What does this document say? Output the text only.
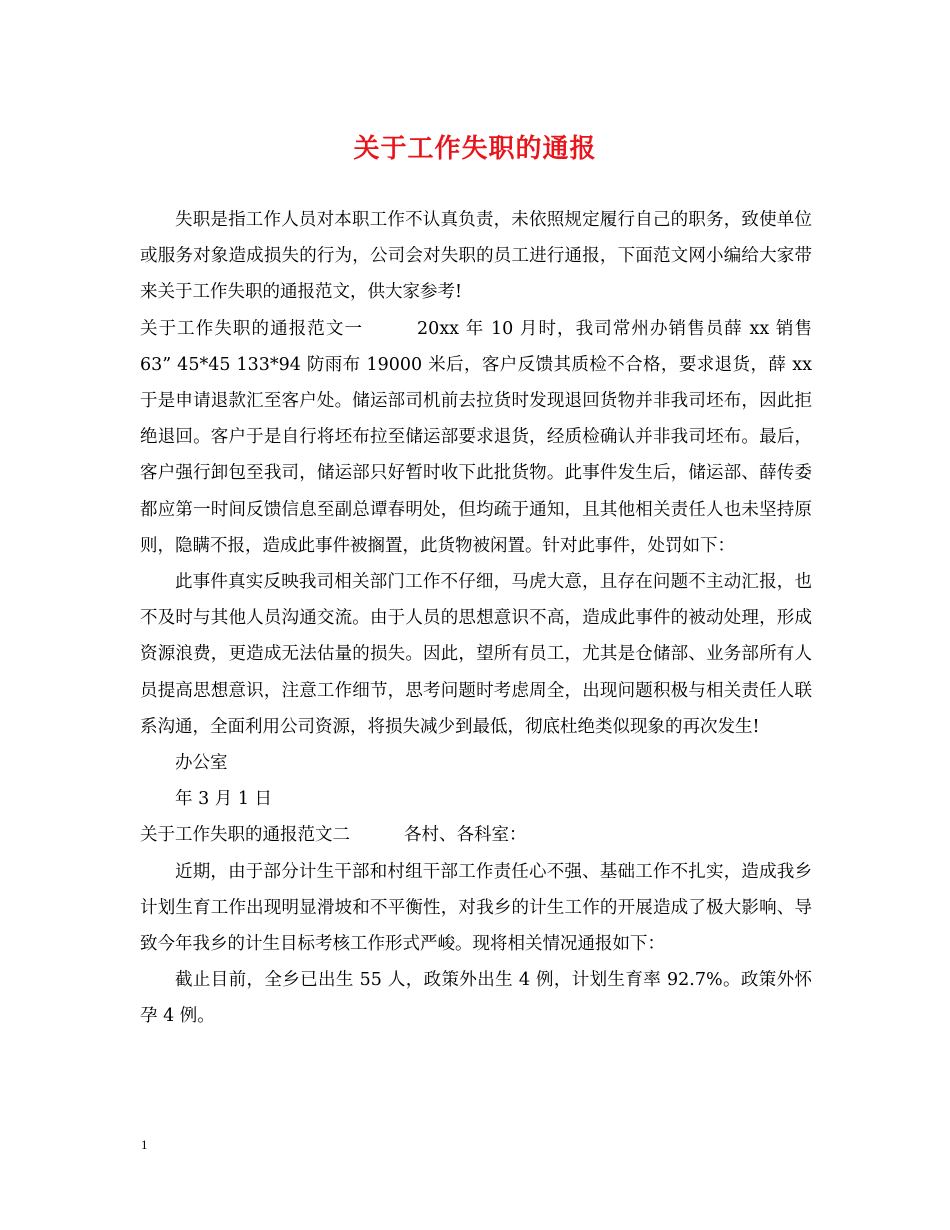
关于工作失职的通报

失职是指工作人员对本职工作不认真负责，未依照规定履行自己的职务，致使单位或服务对象造成损失的行为，公司会对失职的员工进行通报，下面范文网小编给大家带来关于工作失职的通报范文，供大家参考!

关于工作失职的通报范文一	20xx 年 10 月时，我司常州办销售员薛 xx 销售 63” 45*45 133*94 防雨布 19000 米后，客户反馈其质检不合格，要求退货，薛 xx 于是申请退款汇至客户处。储运部司机前去拉货时发现退回货物并非我司坯布，因此拒绝退回。客户于是自行将坯布拉至储运部要求退货，经质检确认并非我司坯布。最后，客户强行卸包至我司，储运部只好暂时收下此批货物。此事件发生后，储运部、薛传委都应第一时间反馈信息至副总谭春明处，但均疏于通知，且其他相关责任人也未坚持原则，隐瞒不报，造成此事件被搁置，此货物被闲置。针对此事件，处罚如下：

此事件真实反映我司相关部门工作不仔细，马虎大意，且存在问题不主动汇报，也不及时与其他人员沟通交流。由于人员的思想意识不高，造成此事件的被动处理，形成资源浪费，更造成无法估量的损失。因此，望所有员工，尤其是仓储部、业务部所有人员提高思想意识，注意工作细节，思考问题时考虑周全，出现问题积极与相关责任人联系沟通，全面利用公司资源，将损失减少到最低，彻底杜绝类似现象的再次发生!

办公室

年 3 月 1 日

关于工作失职的通报范文二	各村、各科室：

近期，由于部分计生干部和村组干部工作责任心不强、基础工作不扎实，造成我乡计划生育工作出现明显滑坡和不平衡性，对我乡的计生工作的开展造成了极大影响、导致今年我乡的计生目标考核工作形式严峻。现将相关情况通报如下：

截止目前，全乡已出生 55 人，政策外出生 4 例，计划生育率 92.7%。政策外怀孕 4 例。

1
